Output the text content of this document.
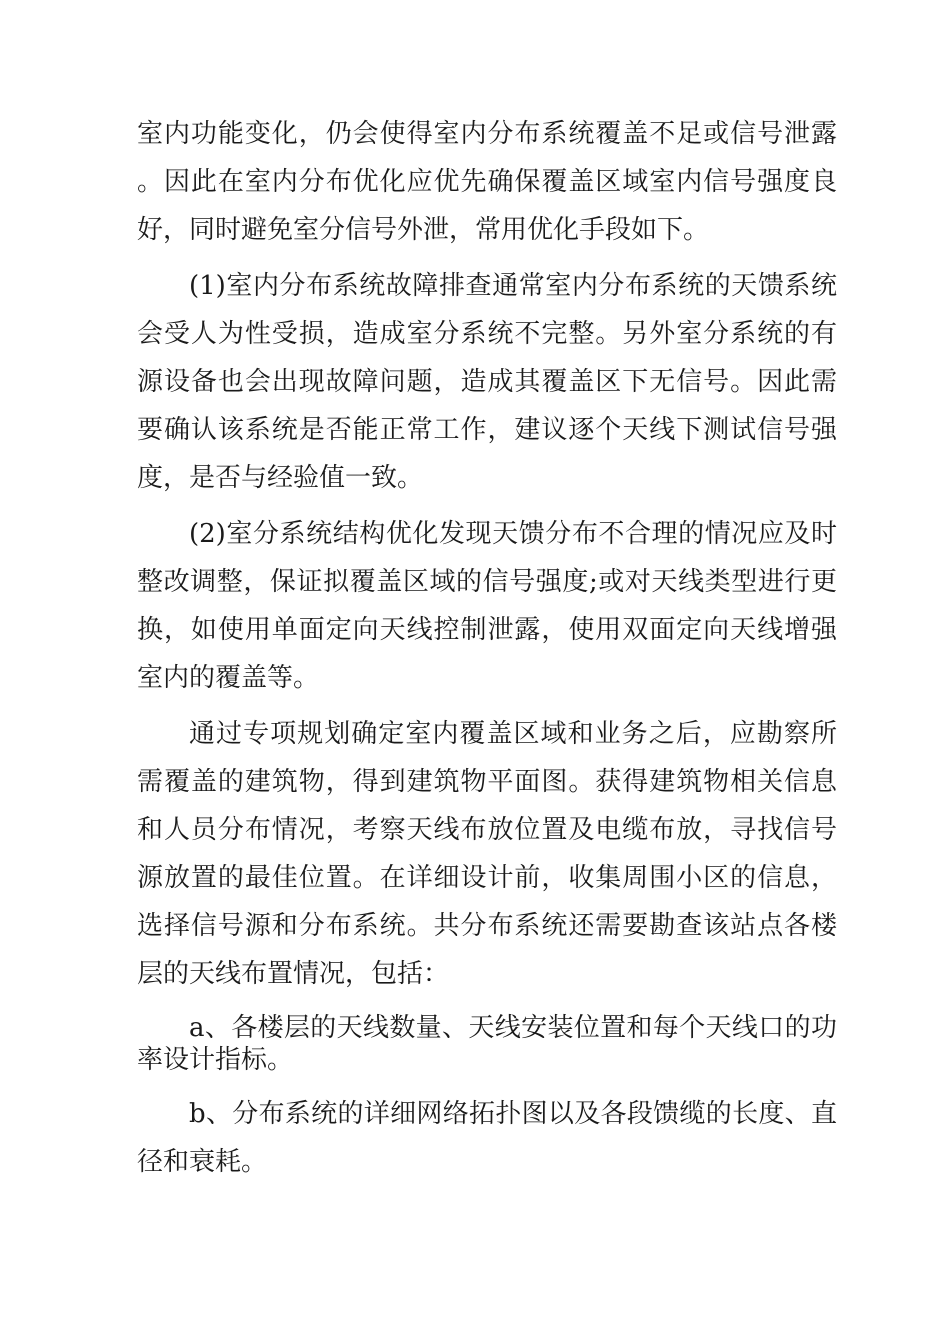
室内功能变化，仍会使得室内分布系统覆盖不足或信号泄露。因此在室内分布优化应优先确保覆盖区域室内信号强度良好，同时避免室分信号外泄，常用优化手段如下。

(1)室内分布系统故障排查通常室内分布系统的天馈系统会受人为性受损，造成室分系统不完整。另外室分系统的有源设备也会出现故障问题，造成其覆盖区下无信号。因此需要确认该系统是否能正常工作，建议逐个天线下测试信号强度，是否与经验值一致。

(2)室分系统结构优化发现天馈分布不合理的情况应及时整改调整，保证拟覆盖区域的信号强度;或对天线类型进行更换，如使用单面定向天线控制泄露，使用双面定向天线增强室内的覆盖等。

通过专项规划确定室内覆盖区域和业务之后，应勘察所需覆盖的建筑物，得到建筑物平面图。获得建筑物相关信息和人员分布情况，考察天线布放位置及电缆布放，寻找信号源放置的最佳位置。在详细设计前，收集周围小区的信息，选择信号源和分布系统。共分布系统还需要勘查该站点各楼层的天线布置情况，包括：

a、各楼层的天线数量、天线安装位置和每个天线口的功率设计指标。

b、分布系统的详细网络拓扑图以及各段馈缆的长度、直径和衰耗。
